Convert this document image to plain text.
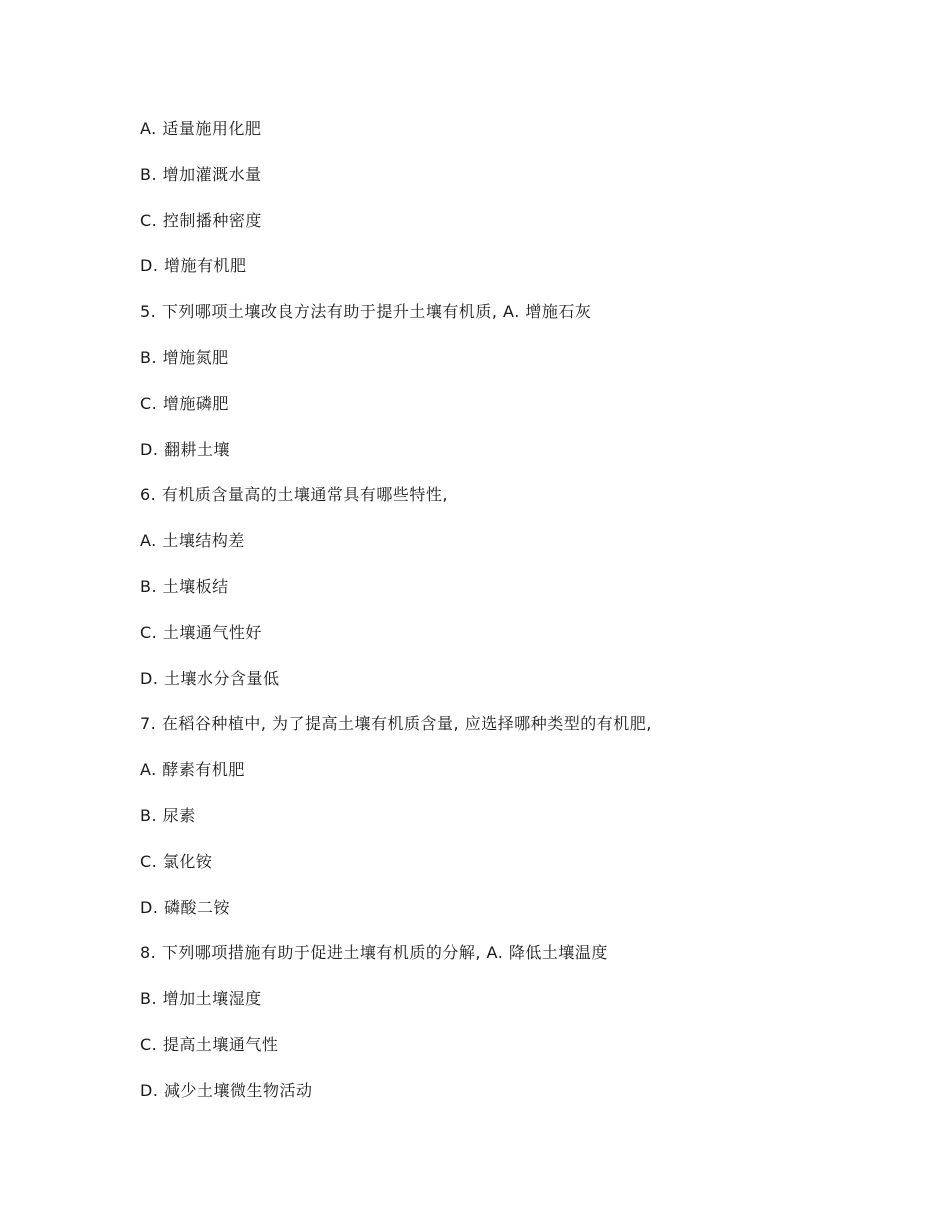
A. 适量施用化肥
B. 增加灌溉水量
C. 控制播种密度
D. 增施有机肥
5. 下列哪项土壤改良方法有助于提升土壤有机质, A. 增施石灰
B. 增施氮肥
C. 增施磷肥
D. 翻耕土壤
6. 有机质含量高的土壤通常具有哪些特性,
A. 土壤结构差
B. 土壤板结
C. 土壤通气性好
D. 土壤水分含量低
7. 在稻谷种植中, 为了提高土壤有机质含量, 应选择哪种类型的有机肥,
A. 酵素有机肥
B. 尿素
C. 氯化铵
D. 磷酸二铵
8. 下列哪项措施有助于促进土壤有机质的分解, A. 降低土壤温度
B. 增加土壤湿度
C. 提高土壤通气性
D. 减少土壤微生物活动
